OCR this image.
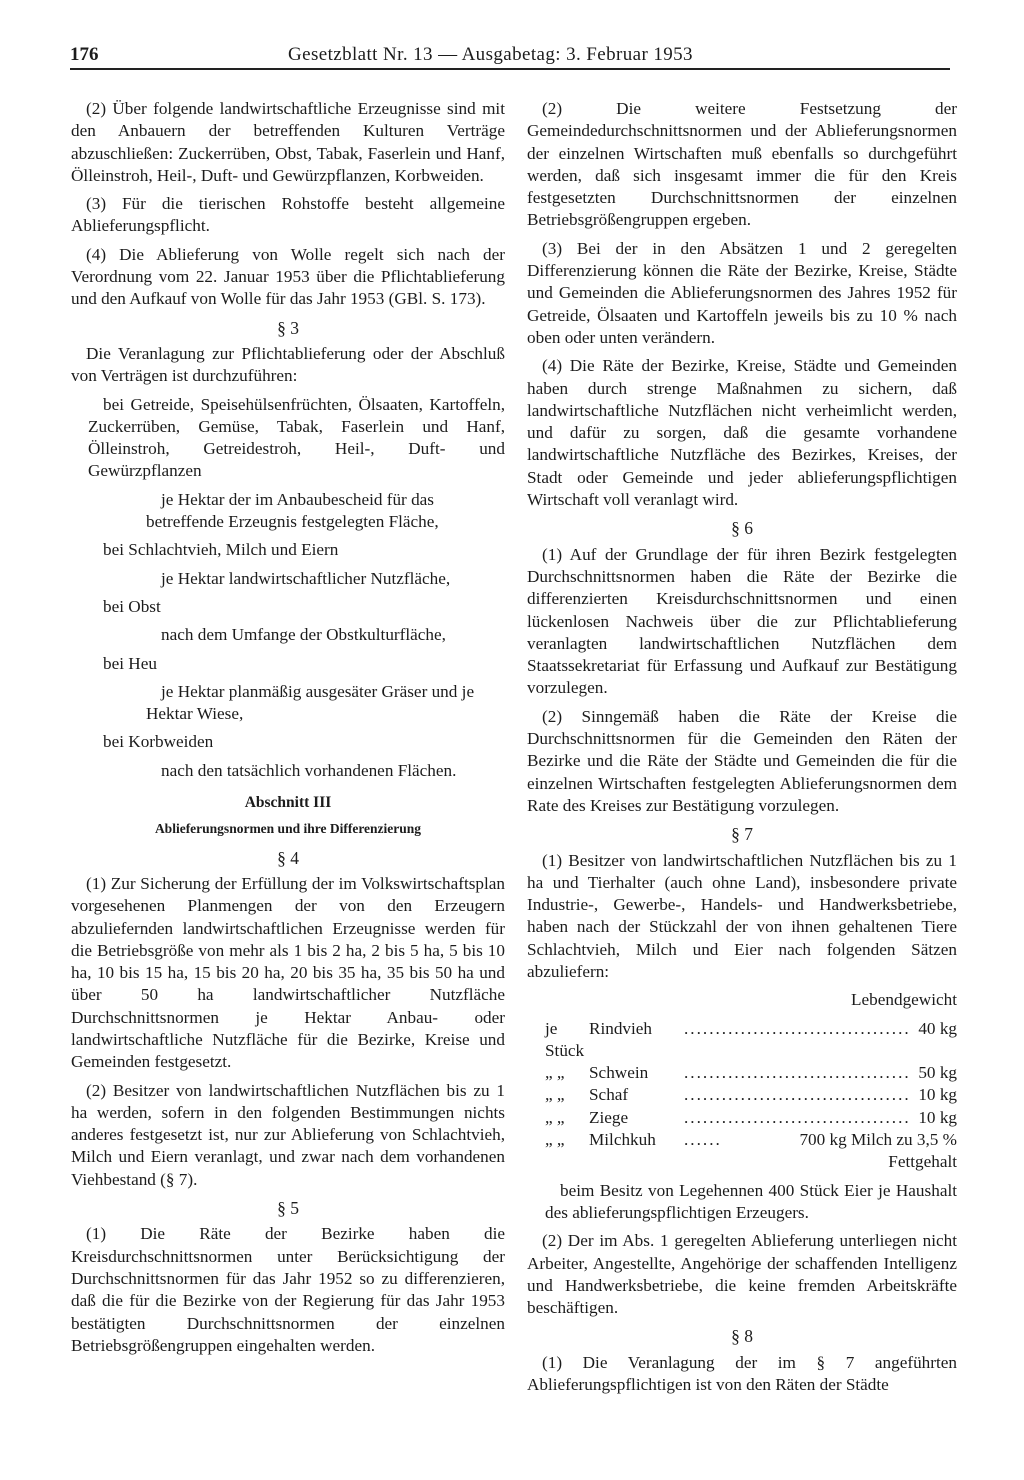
176	Gesetzblatt Nr. 13 — Ausgabetag: 3. Februar 1953

(2) Über folgende landwirtschaftliche Erzeugnisse sind mit den Anbauern der betreffenden Kulturen Verträge abzuschließen: Zuckerrüben, Obst, Tabak, Faserlein und Hanf, Ölleinstroh, Heil-, Duft- und Gewürzpflanzen, Korbweiden.

(3) Für die tierischen Rohstoffe besteht allgemeine Ablieferungspflicht.

(4) Die Ablieferung von Wolle regelt sich nach der Verordnung vom 22. Januar 1953 über die Pflichtablieferung und den Aufkauf von Wolle für das Jahr 1953 (GBl. S. 173).

§ 3

Die Veranlagung zur Pflichtablieferung oder der Abschluß von Verträgen ist durchzuführen:

bei Getreide, Speisehülsenfrüchten, Ölsaaten, Kartoffeln, Zuckerrüben, Gemüse, Tabak, Faserlein und Hanf, Ölleinstroh, Getreidestroh, Heil-, Duft- und Gewürzpflanzen

je Hektar der im Anbaubescheid für das betreffende Erzeugnis festgelegten Fläche,

bei Schlachtvieh, Milch und Eiern

je Hektar landwirtschaftlicher Nutzfläche,

bei Obst

nach dem Umfange der Obstkulturfläche,

bei Heu

je Hektar planmäßig ausgesäter Gräser und je Hektar Wiese,

bei Korbweiden

nach den tatsächlich vorhandenen Flächen.

Abschnitt III
Ablieferungsnormen und ihre Differenzierung
§ 4

(1) Zur Sicherung der Erfüllung der im Volkswirtschaftsplan vorgesehenen Planmengen der von den Erzeugern abzuliefernden landwirtschaftlichen Erzeugnisse werden für die Betriebsgröße von mehr als 1 bis 2 ha, 2 bis 5 ha, 5 bis 10 ha, 10 bis 15 ha, 15 bis 20 ha, 20 bis 35 ha, 35 bis 50 ha und über 50 ha landwirtschaftlicher Nutzfläche Durchschnittsnormen je Hektar Anbau- oder landwirtschaftliche Nutzfläche für die Bezirke, Kreise und Gemeinden festgesetzt.

(2) Besitzer von landwirtschaftlichen Nutzflächen bis zu 1 ha werden, sofern in den folgenden Bestimmungen nichts anderes festgesetzt ist, nur zur Ablieferung von Schlachtvieh, Milch und Eiern veranlagt, und zwar nach dem vorhandenen Viehbestand (§ 7).

§ 5

(1) Die Räte der Bezirke haben die Kreisdurchschnittsnormen unter Berücksichtigung der Durchschnittsnormen für das Jahr 1952 so zu differenzieren, daß die für die Bezirke von der Regierung für das Jahr 1953 bestätigten Durchschnittsnormen der einzelnen Betriebsgrößengruppen eingehalten werden.

(2) Die weitere Festsetzung der Gemeindedurchschnittsnormen und der Ablieferungsnormen der einzelnen Wirtschaften muß ebenfalls so durchgeführt werden, daß sich insgesamt immer die für den Kreis festgesetzten Durchschnittsnormen der einzelnen Betriebsgrößengruppen ergeben.

(3) Bei der in den Absätzen 1 und 2 geregelten Differenzierung können die Räte der Bezirke, Kreise, Städte und Gemeinden die Ablieferungsnormen des Jahres 1952 für Getreide, Ölsaaten und Kartoffeln jeweils bis zu 10 % nach oben oder unten verändern.

(4) Die Räte der Bezirke, Kreise, Städte und Gemeinden haben durch strenge Maßnahmen zu sichern, daß landwirtschaftliche Nutzflächen nicht verheimlicht werden, und dafür zu sorgen, daß die gesamte vorhandene landwirtschaftliche Nutzfläche des Bezirkes, Kreises, der Stadt oder Gemeinde und jeder ablieferungspflichtigen Wirtschaft voll veranlagt wird.

§ 6

(1) Auf der Grundlage der für ihren Bezirk festgelegten Durchschnittsnormen haben die Räte der Bezirke die differenzierten Kreisdurchschnittsnormen und einen lückenlosen Nachweis über die zur Pflichtablieferung veranlagten landwirtschaftlichen Nutzflächen dem Staatssekretariat für Erfassung und Aufkauf zur Bestätigung vorzulegen.

(2) Sinngemäß haben die Räte der Kreise die Durchschnittsnormen für die Gemeinden den Räten der Bezirke und die Räte der Städte und Gemeinden die für die einzelnen Wirtschaften festgelegten Ablieferungsnormen dem Rate des Kreises zur Bestätigung vorzulegen.

§ 7

(1) Besitzer von landwirtschaftlichen Nutzflächen bis zu 1 ha und Tierhalter (auch ohne Land), insbesondere private Industrie-, Gewerbe-, Handels- und Handwerksbetriebe, haben nach der Stückzahl der von ihnen gehaltenen Tiere Schlachtvieh, Milch und Eier nach folgenden Sätzen abzuliefern:

Lebendgewicht

je Stück
Rindvieh	.................................... 40 kg
„ „	Schwein	.................................... 50 kg
„ „	Schaf	.................................... 10 kg
„ „	Ziege	.................................... 10 kg
„ „	Milchkuh	......	700 kg Milch zu 3,5 %

Fettgehalt

beim Besitz von Legehennen 400 Stück Eier je Haushalt des ablieferungspflichtigen Erzeugers.

(2) Der im Abs. 1 geregelten Ablieferung unterliegen nicht Arbeiter, Angestellte, Angehörige der schaffenden Intelligenz und Handwerksbetriebe, die keine fremden Arbeitskräfte beschäftigen.

§ 8

(1) Die Veranlagung der im § 7 angeführten Ablieferungspflichtigen ist von den Räten der Städte
